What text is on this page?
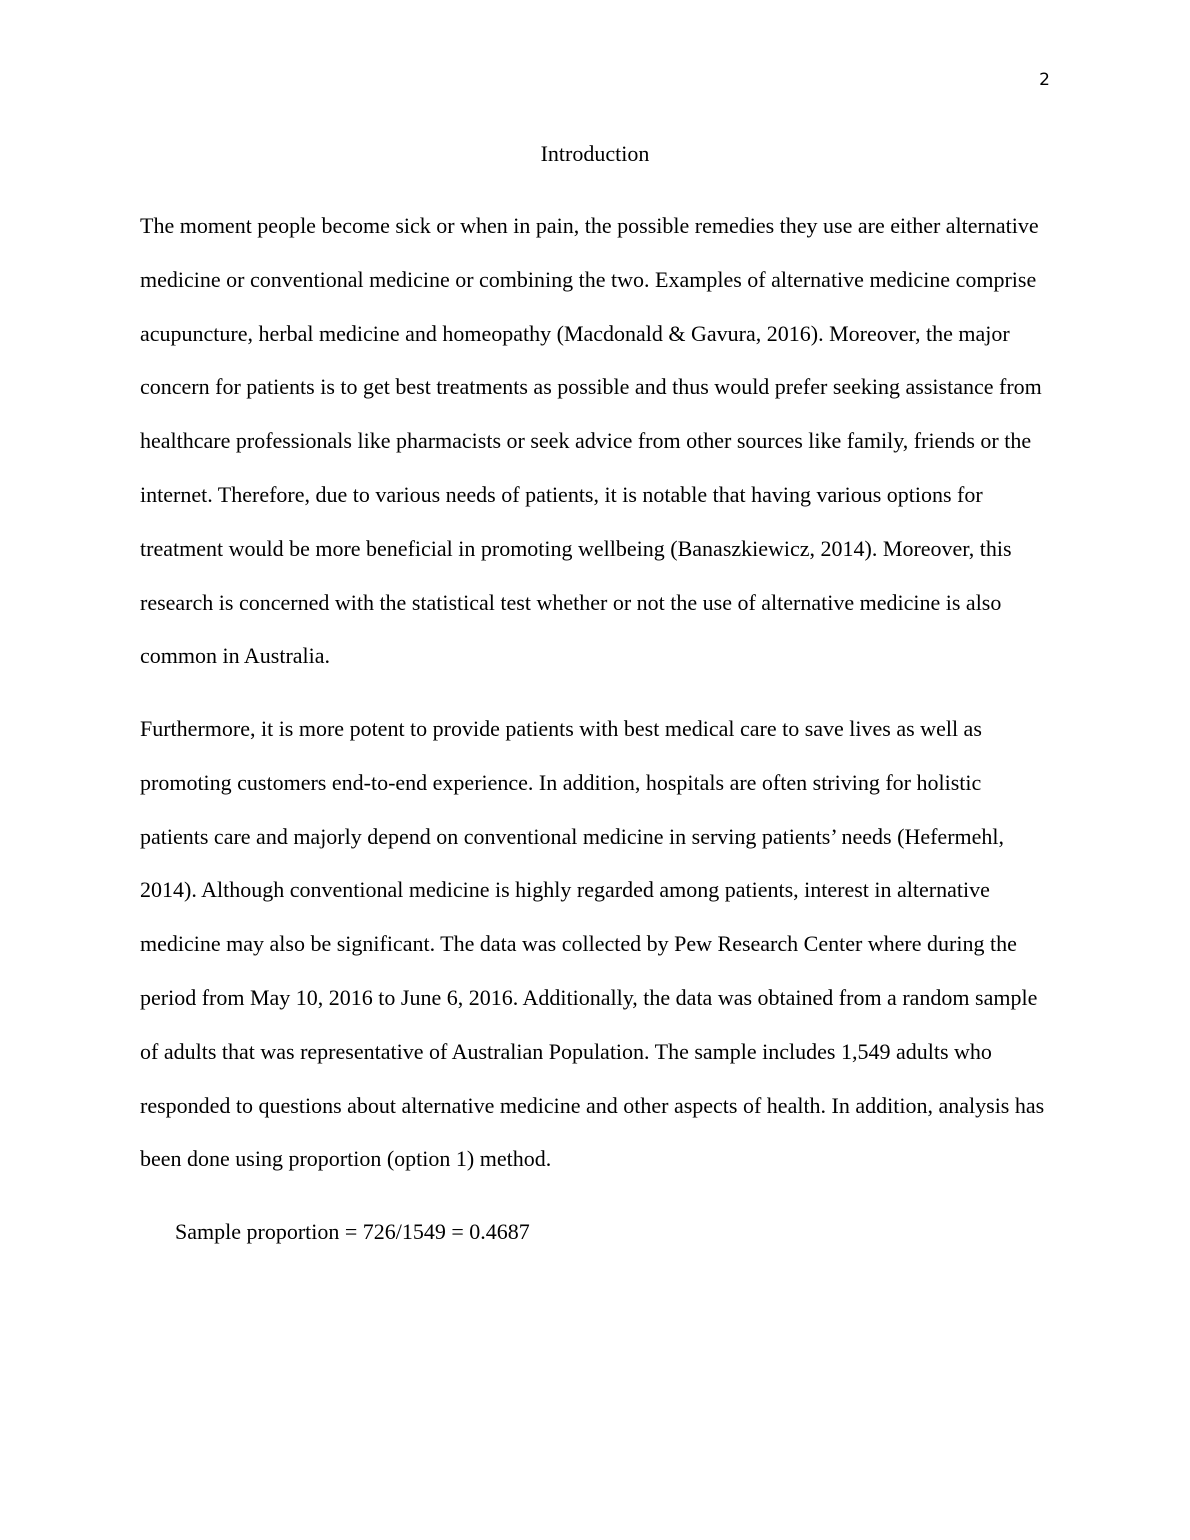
2
Introduction
The moment people become sick or when in pain, the possible remedies they use are either alternative medicine or conventional medicine or combining the two. Examples of alternative medicine comprise acupuncture, herbal medicine and homeopathy (Macdonald & Gavura, 2016). Moreover, the major concern for patients is to get best treatments as possible and thus would prefer seeking assistance from healthcare professionals like pharmacists or seek advice from other sources like family, friends or the internet. Therefore, due to various needs of patients, it is notable that having various options for treatment would be more beneficial in promoting wellbeing (Banaszkiewicz, 2014). Moreover, this research is concerned with the statistical test whether or not the use of alternative medicine is also common in Australia.
Furthermore, it is more potent to provide patients with best medical care to save lives as well as promoting customers end-to-end experience. In addition, hospitals are often striving for holistic patients care and majorly depend on conventional medicine in serving patients’ needs (Hefermehl, 2014). Although conventional medicine is highly regarded among patients, interest in alternative medicine may also be significant. The data was collected by Pew Research Center where during the period from May 10, 2016 to June 6, 2016. Additionally, the data was obtained from a random sample of adults that was representative of Australian Population. The sample includes 1,549 adults who responded to questions about alternative medicine and other aspects of health. In addition, analysis has been done using proportion (option 1) method.
Sample proportion = 726/1549 = 0.4687
